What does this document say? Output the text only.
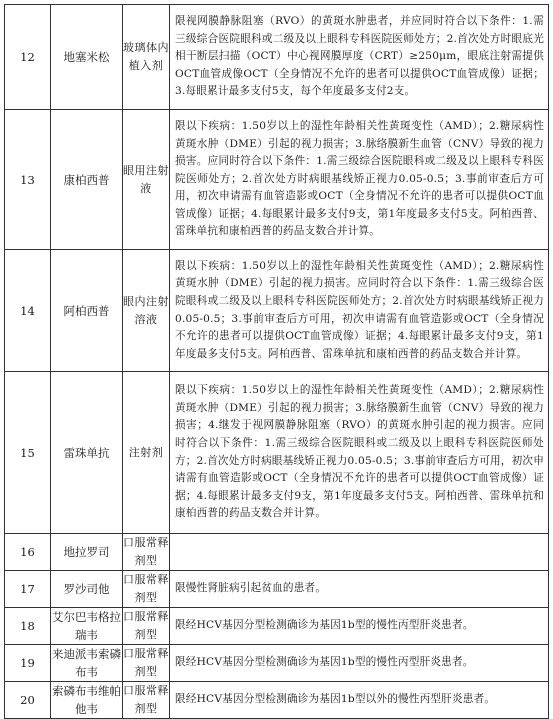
12	地塞米松	玻璃体内植入剂	限视网膜静脉阻塞（RVO）的黄斑水肿患者，并应同时符合以下条件：1.需三级综合医院眼科或二级及以上眼科专科医院医师处方；2.首次处方时眼底光相干断层扫描（OCT）中心视网膜厚度（CRT）≥250μm，眼底注射需提供OCT血管成像OCT（全身情况不允许的患者可以提供OCT血管成像）证据；3.每眼累计最多支付5支，每个年度最多支付2支。
13	康柏西普	眼用注射液	限以下疾病：1.50岁以上的湿性年龄相关性黄斑变性（AMD）；2.糖尿病性黄斑水肿（DME）引起的视力损害；3.脉络膜新生血管（CNV）导致的视力损害。应同时符合以下条件：1.需三级综合医院眼科或二级及以上眼科专科医院医师处方；2.首次处方时病眼基线矫正视力0.05-0.5；3.事前审查后方可用，初次申请需有血管造影或OCT（全身情况不允许的患者可以提供OCT血管成像）证据；4.每眼累计最多支付9支，第1年度最多支付5支。阿柏西普、雷珠单抗和康柏西普的药品支数合并计算。
14	阿柏西普	眼内注射溶液	限以下疾病：1.50岁以上的湿性年龄相关性黄斑变性（AMD）；2.糖尿病性黄斑水肿（DME）引起的视力损害。应同时符合以下条件：1.需三级综合医院眼科或二级及以上眼科专科医院医师处方；2.首次处方时病眼基线矫正视力0.05-0.5；3.事前审查后方可用，初次申请需有血管造影或OCT（全身情况不允许的患者可以提供OCT血管成像）证据；4.每眼累计最多支付9支，第1年度最多支付5支。阿柏西普、雷珠单抗和康柏西普的药品支数合并计算。
15	雷珠单抗	注射剂	限以下疾病：1.50岁以上的湿性年龄相关性黄斑变性（AMD）；2.糖尿病性黄斑水肿（DME）引起的视力损害；3.脉络膜新生血管（CNV）导致的视力损害；4.继发于视网膜静脉阻塞（RVO）的黄斑水肿引起的视力损害。应同时符合以下条件：1.需三级综合医院眼科或二级及以上眼科专科医院医师处方；2.首次处方时病眼基线矫正视力0.05-0.5；3.事前审查后方可用，初次申请需有血管造影或OCT（全身情况不允许的患者可以提供OCT血管成像）证据；4.每眼累计最多支付9支，第1年度最多支付5支。阿柏西普、雷珠单抗和康柏西普的药品支数合并计算。
16	地拉罗司	口服常释剂型	
17	罗沙司他	口服常释剂型	限慢性肾脏病引起贫血的患者。
18	艾尔巴韦格拉瑞韦	口服常释剂型	限经HCV基因分型检测确诊为基因1b型的慢性丙型肝炎患者。
19	来迪派韦索磷布韦	口服常释剂型	限经HCV基因分型检测确诊为基因1b型的慢性丙型肝炎患者。
20	索磷布韦维帕他韦	口服常释剂型	限经HCV基因分型检测确诊为基因1b型以外的慢性丙型肝炎患者。
